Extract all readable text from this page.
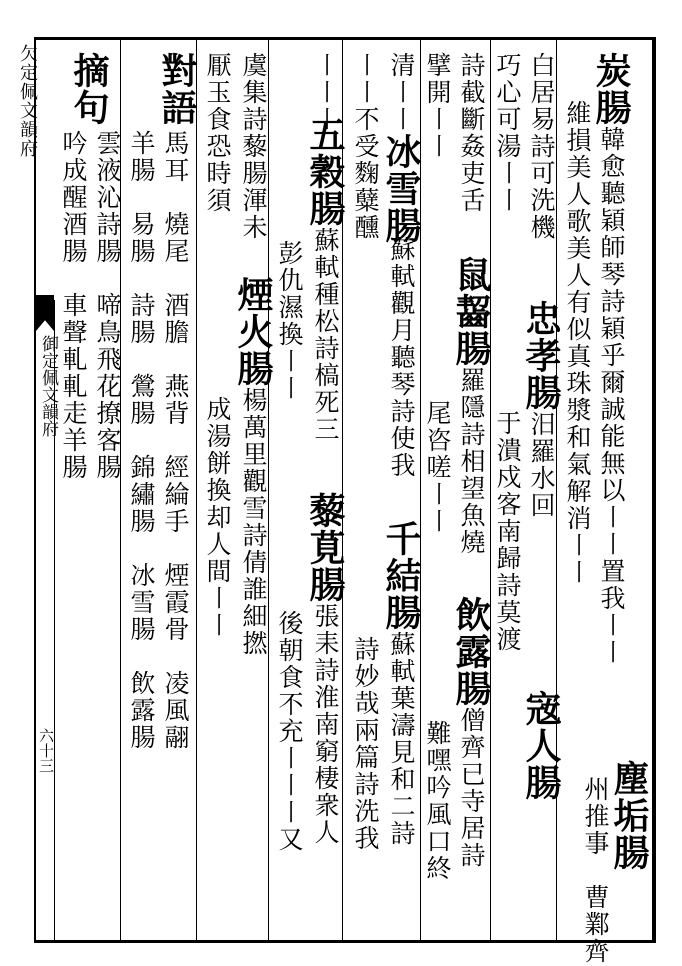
欠定佩文韻府
御定佩文韻府
六十三
塵垢腸
州推事　曹鄴齊
炭腸韓愈聽穎師琴詩穎乎爾誠能無以〡〡置我〡〡
維損美人歌美人有似真珠漿和氣解消〡〡
白居易詩可洗機
忠孝腸汨羅水回
宼人腸
巧心可湯〡〡
于潰戍客南歸詩莫渡
詩截斷姦吏舌
鼠齧腸羅隱詩相望魚燒
飲露腸僧齊已寺居詩
擘開〡〡
尾咨嗟〡〡
難嘿吟風口終
清〡〡冰雪腸
蘇軾觀月聽琴詩使我
千結腸蘇軾葉濤見和二詩
〡〡不受麴糵醺
詩妙哉兩篇詩洗我
〡〡〡
五穀腸蘇軾種松詩槁死三
藜莧腸張耒詩淮南窮棲衆人
彭仇濕換〡〡
後朝食不充〡〡〡又
虞集詩藜腸渾未
煙火腸楊萬里觀雪詩倩誰細撚
厭玉食恐時須
成湯餅換却人間〡〡
對語
馬耳　燒尾　酒膽　燕背　經綸手　煙霞骨　凌風翮
羊腸　易腸　詩腸　鶯腸　錦繡腸　冰雪腸　飲露腸
摘句
雲液沁詩腸　啼鳥飛花撩客腸
吟成醒酒腸　車聲軋軋走羊腸
